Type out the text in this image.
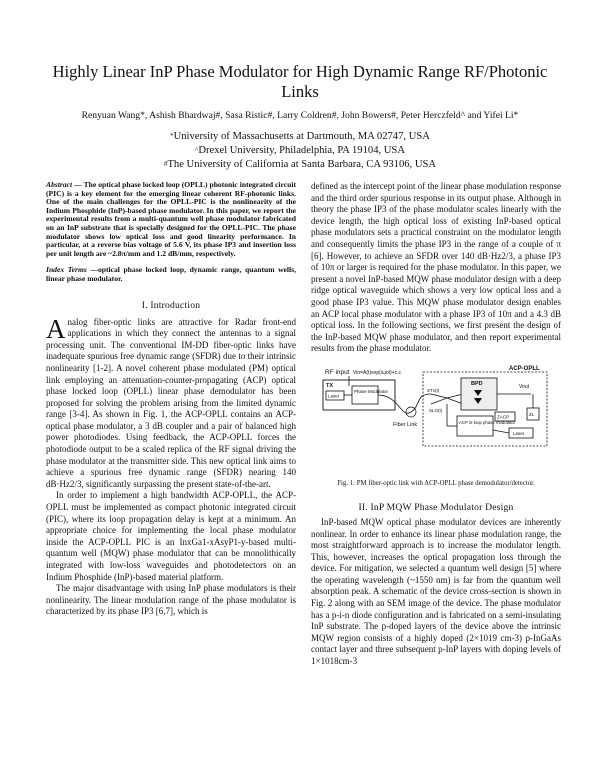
Highly Linear InP Phase Modulator for High Dynamic Range RF/Photonic Links
Renyuan Wang*, Ashish Bhardwaj#, Sasa Ristic#, Larry Coldren#, John Bowers#, Peter Herczfeld^ and Yifei Li*
*University of Massachusetts at Dartmouth, MA 02747, USA
^Drexel University, Philadelphia, PA 19104, USA
#The University of California at Santa Barbara, CA 93106, USA

Abstract — The optical phase locked loop (OPLL) photonic integrated circuit (PIC) is a key element for the emerging linear coherent RF-photonic links. One of the main challenges for the OPLL-PIC is the nonlinearity of the Indium Phosphide (InP)-based phase modulator. In this paper, we report the experimental results from a multi-quantum well phase modulator fabricated on an InP substrate that is specially designed for the OPLL-PIC. The phase modulator shows low optical loss and good linearity performance. In particular, at a reverse bias voltage of 5.6 V, its phase IP3 and insertion loss per unit length are ~2.8π/mm and 1.2 dB/mm, respectively.

Index Terms —optical phase locked loop, dynamic range, quantum wells, linear phase modulator.

I. Introduction

Analog fiber-optic links are attractive for Radar front-end applications in which they connect the antennas to a signal processing unit. The conventional IM-DD fiber-optic links have inadequate spurious free dynamic range (SFDR) due to their intrinsic nonlinearity [1-2]. A novel coherent phase modulated (PM) optical link employing an attenuation-counter-propagating (ACP) optical phase locked loop (OPLL) linear phase demodulator has been proposed for solving the problem arising from the limited dynamic range [3-4]. As shown in Fig. 1, the ACP-OPLL contains an ACP-optical phase modulator, a 3 dB coupler and a pair of balanced high power photodiodes. Using feedback, the ACP-OPLL forces the photodiode output to be a scaled replica of the RF signal driving the phase modulator at the transmitter side. This new optical link aims to achieve a spurious free dynamic range (SFDR) nearing 140 dB·Hz2/3, significantly surpassing the present state-of-the-art.

In order to implement a high bandwidth ACP-OPLL, the ACP-OPLL must be implemented as compact photonic integrated circuit (PIC), where its loop propagation delay is kept at a minimum. An appropriate choice for implementing the local phase modulator inside the ACP-OPLL PIC is an InxGa1-xAsyP1-y-based multi-quantum well (MQW) phase modulator that can be monolithically integrated with low-loss waveguides and photodetectors on an Indium Phosphide (InP)-based material platform.

The major disadvantage with using InP phase modulators is their nonlinearity. The linear modulation range of the phase modulator is characterized by its phase IP3 [6,7], which is

defined as the intercept point of the linear phase modulation response and the third order spurious response in its output phase. Although in theory the phase IP3 of the phase modulator scales linearly with the device length, the high optical loss of existing InP-based optical phase modulators sets a practical constraint on the modulator length and consequently limits the phase IP3 in the range of a couple of π [6]. However, to achieve an SFDR over 140 dB·Hz2/3, a phase IP3 of 10π or larger is required for the phase modulator. In this paper, we present a novel InP-based MQW phase modulator design with a deep ridge optical waveguide which shows a very low optical loss and a good phase IP3 value. This MQW phase modulator design enables an ACP local phase modulator with a phase IP3 of 10π and a 4.3 dB optical loss. In the following sections, we first present the design of the InP-based MQW phase modulator, and then report experimental results from the phase modulator.

RF input Vin=A(t)exp(iωot)+c.c
TX
Laser
Phase Modulator
Fiber Link
ACP-OPLL
STx(t)
SLO(t)
BPD
ZACP
Vout
ZL
ACP in-loop phase modulator
Laser
Fig. 1: PM fiber-optic link with ACP-OPLL phase demodulator/detector.
II. InP MQW Phase Modulator Design

InP-based MQW optical phase modulator devices are inherently nonlinear. In order to enhance its linear phase modulation range, the most straightforward approach is to increase the modulator length. This, however, increases the optical propagation loss through the device. For mitigation, we selected a quantum well design [5] where the operating wavelength (~1550 nm) is far from the quantum well absorption peak. A schematic of the device cross-section is shown in Fig. 2 along with an SEM image of the device. The phase modulator has a p-i-n diode configuration and is fabricated on a semi-insulating InP substrate. The p-doped layers of the device above the intrinsic MQW region consists of a highly doped (2×1019 cm-3) p-InGaAs contact layer and three subsequent p-InP layers with doping levels of 1×1018cm-3
